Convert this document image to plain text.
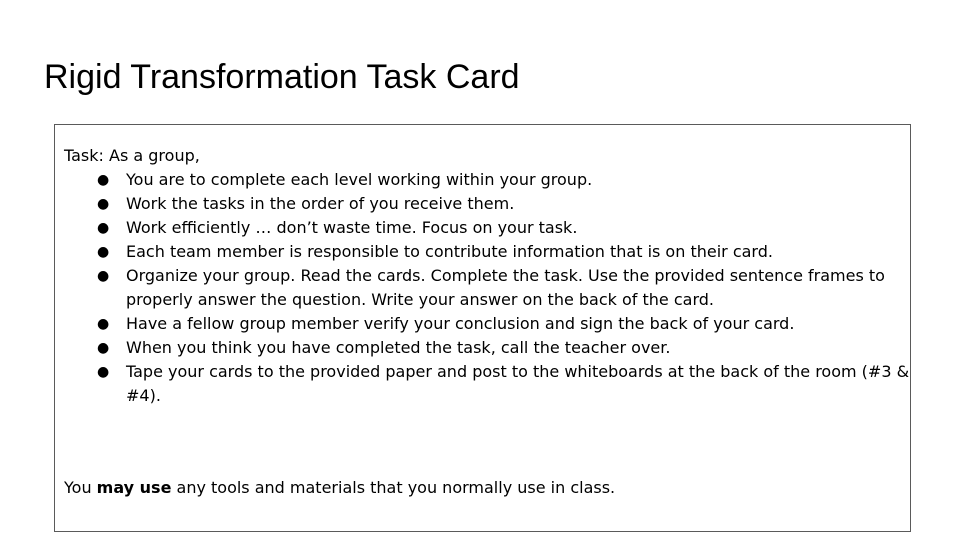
Rigid Transformation Task Card
Task: As a group,
● You are to complete each level working within your group.
● Work the tasks in the order of you receive them.
● Work efficiently … don’t waste time. Focus on your task.
● Each team member is responsible to contribute information that is on their card.
● Organize your group. Read the cards. Complete the task. Use the provided sentence frames to properly answer the question. Write your answer on the back of the card.
● Have a fellow group member verify your conclusion and sign the back of your card.
● When you think you have completed the task, call the teacher over.
● Tape your cards to the provided paper and post to the whiteboards at the back of the room (#3 & #4).
You may use any tools and materials that you normally use in class.
